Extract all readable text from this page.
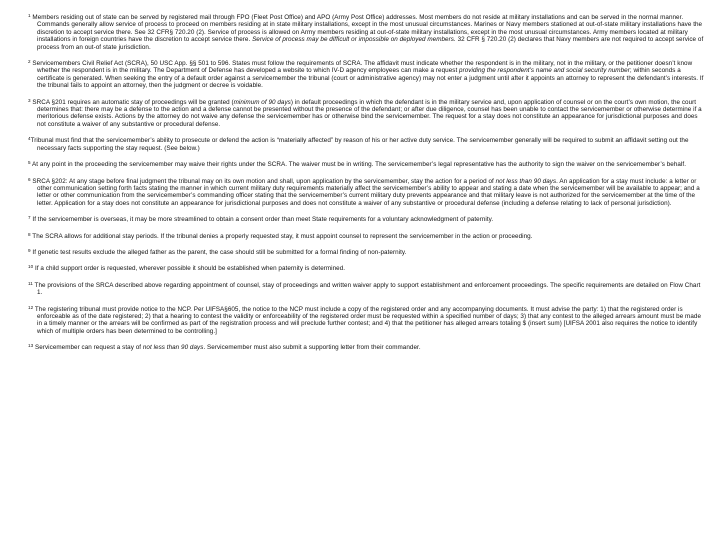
$^1$ Members residing out of state can be served by registered mail through FPO (Fleet Post Office) and APO (Army Post Office) addresses. Most members do not reside at military installations and can be served in the normal manner. Commands generally allow service of process to proceed on members residing at in state military installations, except in the most unusual circumstances. Marines or Navy members stationed at out-of-state military installations have the discretion to accept service there. See 32 CFR§ 720.20 (2). Service of process is allowed on Army members residing at out-of-state military installations, except in the most unusual circumstances. Army members located at military installations in foreign countries have the discretion to accept service there. Service of process may be difficult or impossible on deployed members. 32 CFR § 720.20 (2) declares that Navy members are not required to accept service of process from an out-of state jurisdiction.

$^2$ Servicemembers Civil Relief Act (SCRA), 50 USC App. §§ 501 to 596. States must follow the requirements of SCRA. The affidavit must indicate whether the respondent is in the military, not in the military, or the petitioner doesn’t know whether the respondent is in the military. The Department of Defense has developed a website to which IV-D agency employees can make a request providing the respondent’s name and social security number; within seconds a certificate is generated. When seeking the entry of a default order against a servicemember the tribunal (court or administrative agency) may not enter a judgment until after it appoints an attorney to represent the defendant’s interests. If the tribunal fails to appoint an attorney, then the judgment or decree is voidable.

$^3$ SRCA §201 requires an automatic stay of proceedings will be granted (minimum of 90 days) in default proceedings in which the defendant is in the military service and, upon application of counsel or on the court’s own motion, the court determines that: there may be a defense to the action and a defense cannot be presented without the presence of the defendant; or after due diligence, counsel has been unable to contact the servicemember or otherwise determine if a meritorious defense exists. Actions by the attorney do not waive any defense the servicemember has or otherwise bind the servicemember. The request for a stay does not constitute an appearance for jurisdictional purposes and does not constitute a waiver of any substantive or procedural defense.

$^4$Tribunal must find that the servicemember’s ability to prosecute or defend the action is “materially affected” by reason of his or her active duty service. The servicemember generally will be required to submit an affidavit setting out the necessary facts supporting the stay request. (See below.)

$^5$ At any point in the proceeding the servicemember may waive their rights under the SCRA. The waiver must be in writing. The servicemember’s legal representative has the authority to sign the waiver on the servicemember’s behalf.

$^6$ SRCA §202: At any stage before final judgment the tribunal may on its own motion and shall, upon application by the servicemember, stay the action for a period of not less than 90 days. An application for a stay must include: a letter or other communication setting forth facts stating the manner in which current military duty requirements materially affect the servicemember’s ability to appear and stating a date when the servicemember will be available to appear; and a letter or other communication from the servicemember’s commanding officer stating that the servicemember’s current military duty prevents appearance and that military leave is not authorized for the servicemember at the time of the letter. Application for a stay does not constitute an appearance for jurisdictional purposes and does not constitute a waiver of any substantive or procedural defense (including a defense relating to lack of personal jurisdiction).

$^7$ If the servicemember is overseas, it may be more streamlined to obtain a consent order than meet State requirements for a voluntary acknowledgment of paternity.

$^8$ The SCRA allows for additional stay periods. If the tribunal denies a properly requested stay, it must appoint counsel to represent the servicemember in the action or proceeding.

$^9$ If genetic test results exclude the alleged father as the parent, the case should still be submitted for a formal finding of non-paternity.

$^{10}$ If a child support order is requested, wherever possible it should be established when paternity is determined.

$^{11}$ The provisions of the SRCA described above regarding appointment of counsel, stay of proceedings and written waiver apply to support establishment and enforcement proceedings. The specific requirements are detailed on Flow Chart 1.

$^{12}$ The registering tribunal must provide notice to the NCP. Per UIFSA§605, the notice to the NCP must include a copy of the registered order and any accompanying documents. It must advise the party: 1) that the registered order is enforceable as of the date registered; 2) that a hearing to contest the validity or enforceability of the registered order must be requested within a specified number of days; 3) that any contest to the alleged arrears amount must be made in a timely manner or the arrears will be confirmed as part of the registration process and will preclude further contest; and 4) that the petitioner has alleged arrears totaling $ (insert sum) [UIFSA 2001 also requires the notice to identify which of multiple orders has been determined to be controlling.]

$^{13}$ Servicemember can request a stay of not less than 90 days. Servicemember must also submit a supporting letter from their commander.
